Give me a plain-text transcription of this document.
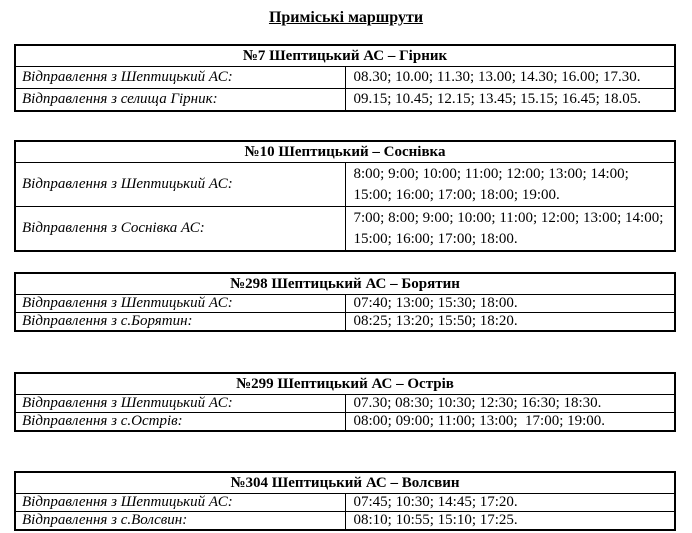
Приміські маршрути
№7 Шептицький АС – Гірник	
Відправлення з Шептицький АС:	08.30; 10.00; 11.30; 13.00; 14.30; 16.00; 17.30.
Відправлення з селища Гірник:	09.15; 10.45; 12.15; 13.45; 15.15; 16.45; 18.05.
№10 Шептицький – Соснівка	
Відправлення з Шептицький АС:	8:00; 9:00; 10:00; 11:00; 12:00; 13:00; 14:00; 15:00; 16:00; 17:00; 18:00; 19:00.
Відправлення з Соснівка АС:	7:00; 8:00; 9:00; 10:00; 11:00; 12:00; 13:00; 14:00; 15:00; 16:00; 17:00; 18:00.
№298 Шептицький АС – Борятин	
Відправлення з Шептицький АС:	07:40; 13:00; 15:30; 18:00.
Відправлення з с.Борятин:	08:25; 13:20; 15:50; 18:20.
№299 Шептицький АС – Острів	
Відправлення з Шептицький АС:	07.30; 08:30; 10:30; 12:30; 16:30; 18:30.
Відправлення з с.Острів:	08:00; 09:00; 11:00; 13:00;  17:00; 19:00.
№304 Шептицький АС – Волсвин	
Відправлення з Шептицький АС:	07:45; 10:30; 14:45; 17:20.
Відправлення з с.Волсвин:	08:10; 10:55; 15:10; 17:25.
